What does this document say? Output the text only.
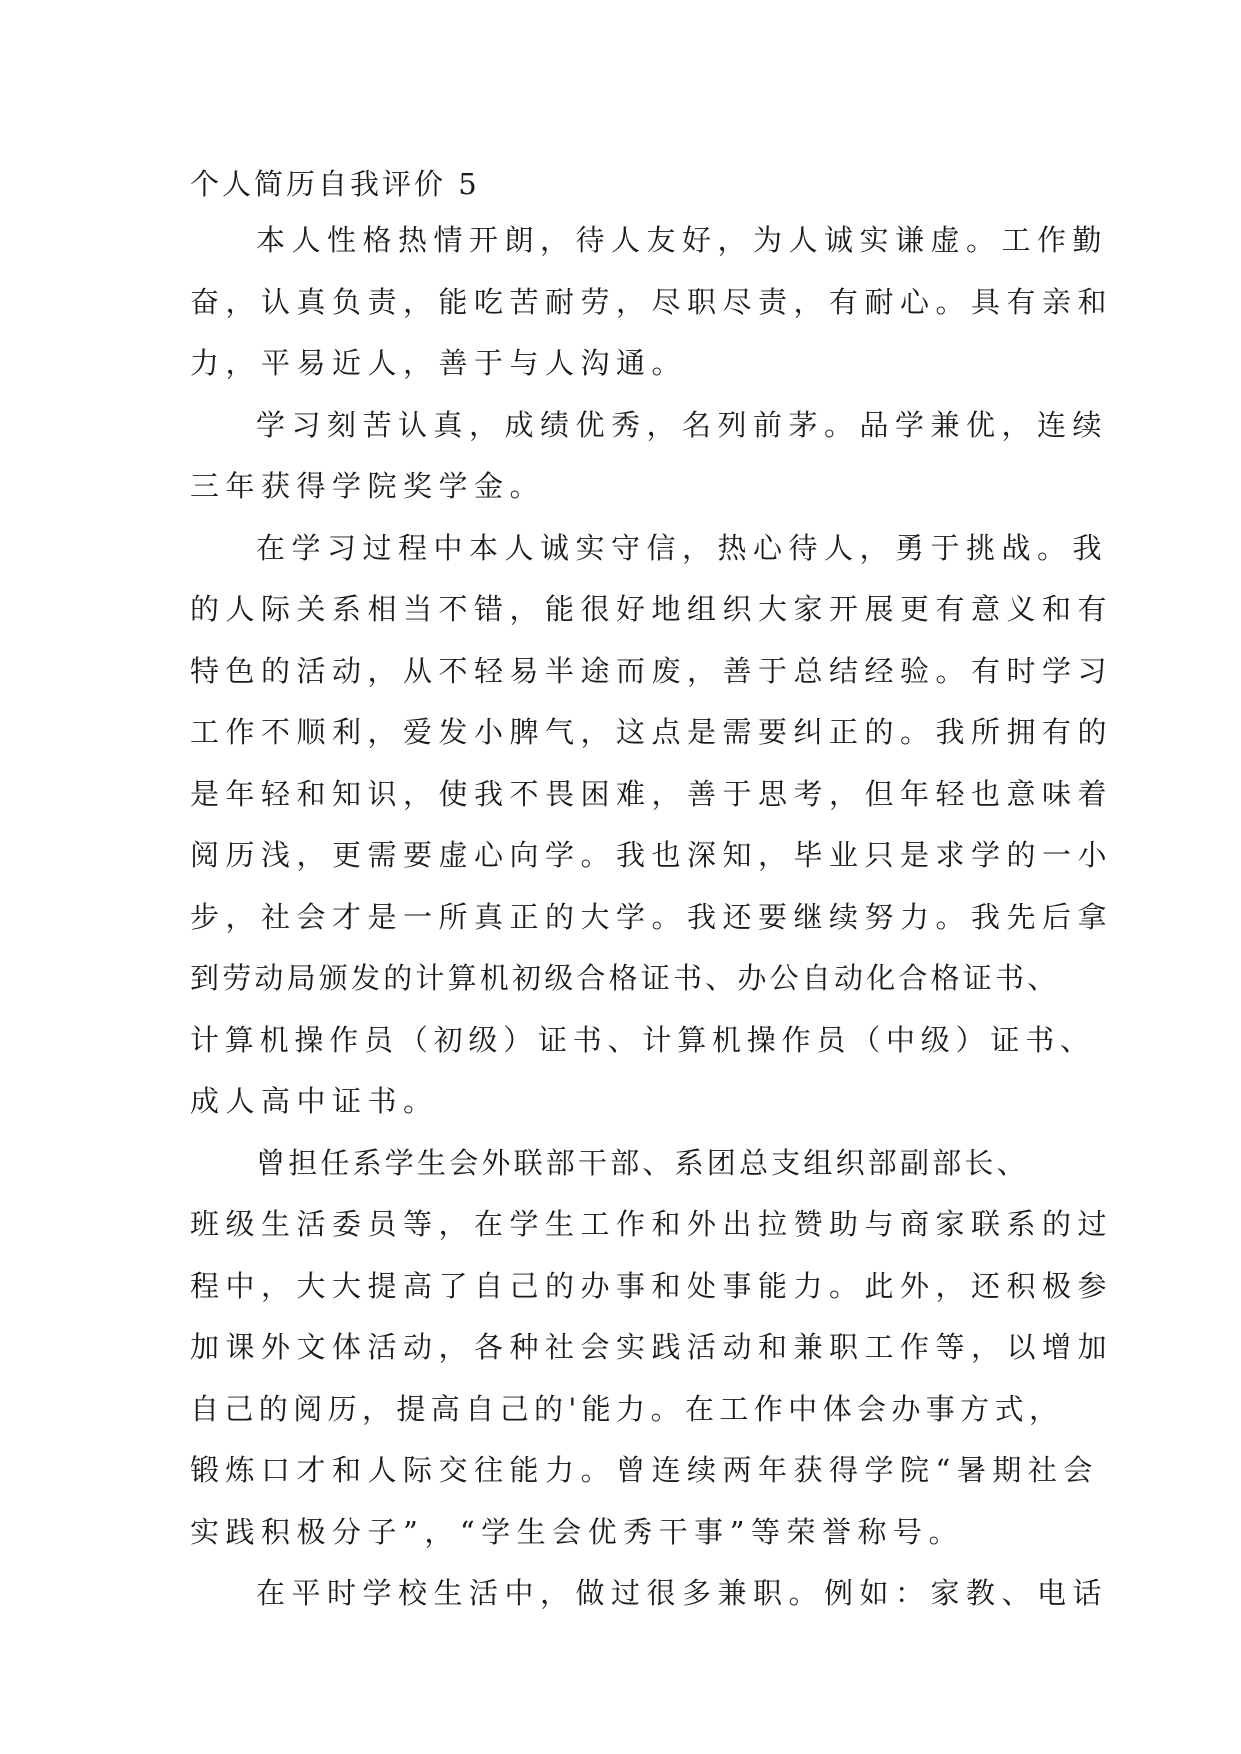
个人简历自我评价 5
本人性格热情开朗，待人友好，为人诚实谦虚。工作勤
奋，认真负责，能吃苦耐劳，尽职尽责，有耐心。具有亲和
力，平易近人，善于与人沟通。
学习刻苦认真，成绩优秀，名列前茅。品学兼优，连续
三年获得学院奖学金。
在学习过程中本人诚实守信，热心待人，勇于挑战。我
的人际关系相当不错，能很好地组织大家开展更有意义和有
特色的活动，从不轻易半途而废，善于总结经验。有时学习
工作不顺利，爱发小脾气，这点是需要纠正的。我所拥有的
是年轻和知识，使我不畏困难，善于思考，但年轻也意味着
阅历浅，更需要虚心向学。我也深知，毕业只是求学的一小
步，社会才是一所真正的大学。我还要继续努力。我先后拿
到劳动局颁发的计算机初级合格证书、办公自动化合格证书、
计算机操作员（初级）证书、计算机操作员（中级）证书、
成人高中证书。
曾担任系学生会外联部干部、系团总支组织部副部长、
班级生活委员等，在学生工作和外出拉赞助与商家联系的过
程中，大大提高了自己的办事和处事能力。此外，还积极参
加课外文体活动，各种社会实践活动和兼职工作等，以增加
自己的阅历，提高自己的'能力。在工作中体会办事方式，
锻炼口才和人际交往能力。曾连续两年获得学院“暑期社会
实践积极分子”，“学生会优秀干事”等荣誉称号。
在平时学校生活中，做过很多兼职。例如：家教、电话
